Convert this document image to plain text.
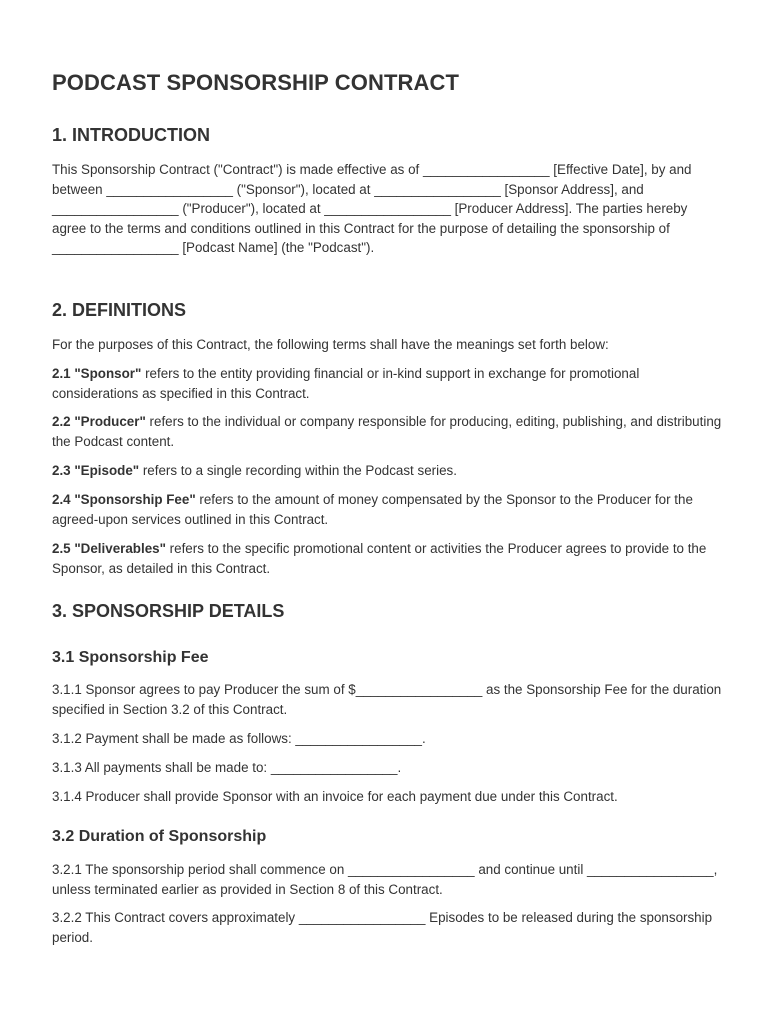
PODCAST SPONSORSHIP CONTRACT
1. INTRODUCTION

This Sponsorship Contract ("Contract") is made effective as of _________________ [Effective Date], by and between _________________ ("Sponsor"), located at _________________ [Sponsor Address], and _________________ ("Producer"), located at _________________ [Producer Address]. The parties hereby agree to the terms and conditions outlined in this Contract for the purpose of detailing the sponsorship of _________________ [Podcast Name] (the "Podcast").

2. DEFINITIONS

For the purposes of this Contract, the following terms shall have the meanings set forth below:

2.1 "Sponsor" refers to the entity providing financial or in-kind support in exchange for promotional considerations as specified in this Contract.

2.2 "Producer" refers to the individual or company responsible for producing, editing, publishing, and distributing the Podcast content.

2.3 "Episode" refers to a single recording within the Podcast series.

2.4 "Sponsorship Fee" refers to the amount of money compensated by the Sponsor to the Producer for the agreed-upon services outlined in this Contract.

2.5 "Deliverables" refers to the specific promotional content or activities the Producer agrees to provide to the Sponsor, as detailed in this Contract.

3. SPONSORSHIP DETAILS
3.1 Sponsorship Fee

3.1.1 Sponsor agrees to pay Producer the sum of $_________________ as the Sponsorship Fee for the duration specified in Section 3.2 of this Contract.

3.1.2 Payment shall be made as follows: _________________.

3.1.3 All payments shall be made to: _________________.

3.1.4 Producer shall provide Sponsor with an invoice for each payment due under this Contract.

3.2 Duration of Sponsorship

3.2.1 The sponsorship period shall commence on _________________ and continue until _________________, unless terminated earlier as provided in Section 8 of this Contract.

3.2.2 This Contract covers approximately _________________ Episodes to be released during the sponsorship period.
